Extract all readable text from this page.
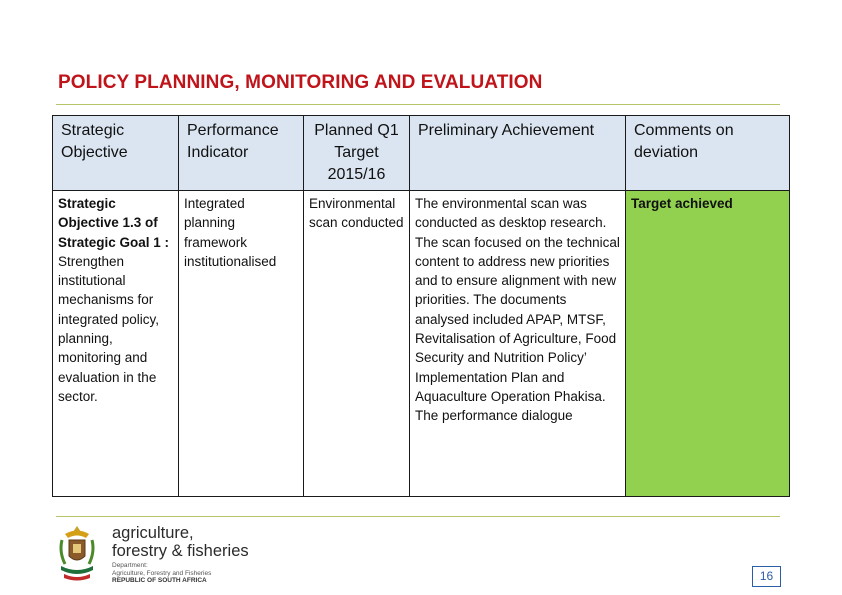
POLICY PLANNING, MONITORING AND EVALUATION
Strategic Objective	Performance Indicator	Planned Q1 Target 2015/16	Preliminary Achievement	Comments on deviation
Strategic Objective 1.3 of Strategic Goal 1 : Strengthen institutional mechanisms for integrated policy, planning, monitoring and evaluation in the sector.	Integrated planning framework institutionalised	Environmental scan conducted	The environmental scan was conducted as desktop research. The scan focused on the technical content to address new priorities and to ensure alignment with new priorities. The documents analysed included APAP, MTSF, Revitalisation of Agriculture, Food Security and Nutrition Policy’ Implementation Plan and Aquaculture Operation Phakisa. The performance dialogue	Target achieved
agriculture,
forestry & fisheries
Department:
Agriculture, Forestry and Fisheries
REPUBLIC OF SOUTH AFRICA	16
